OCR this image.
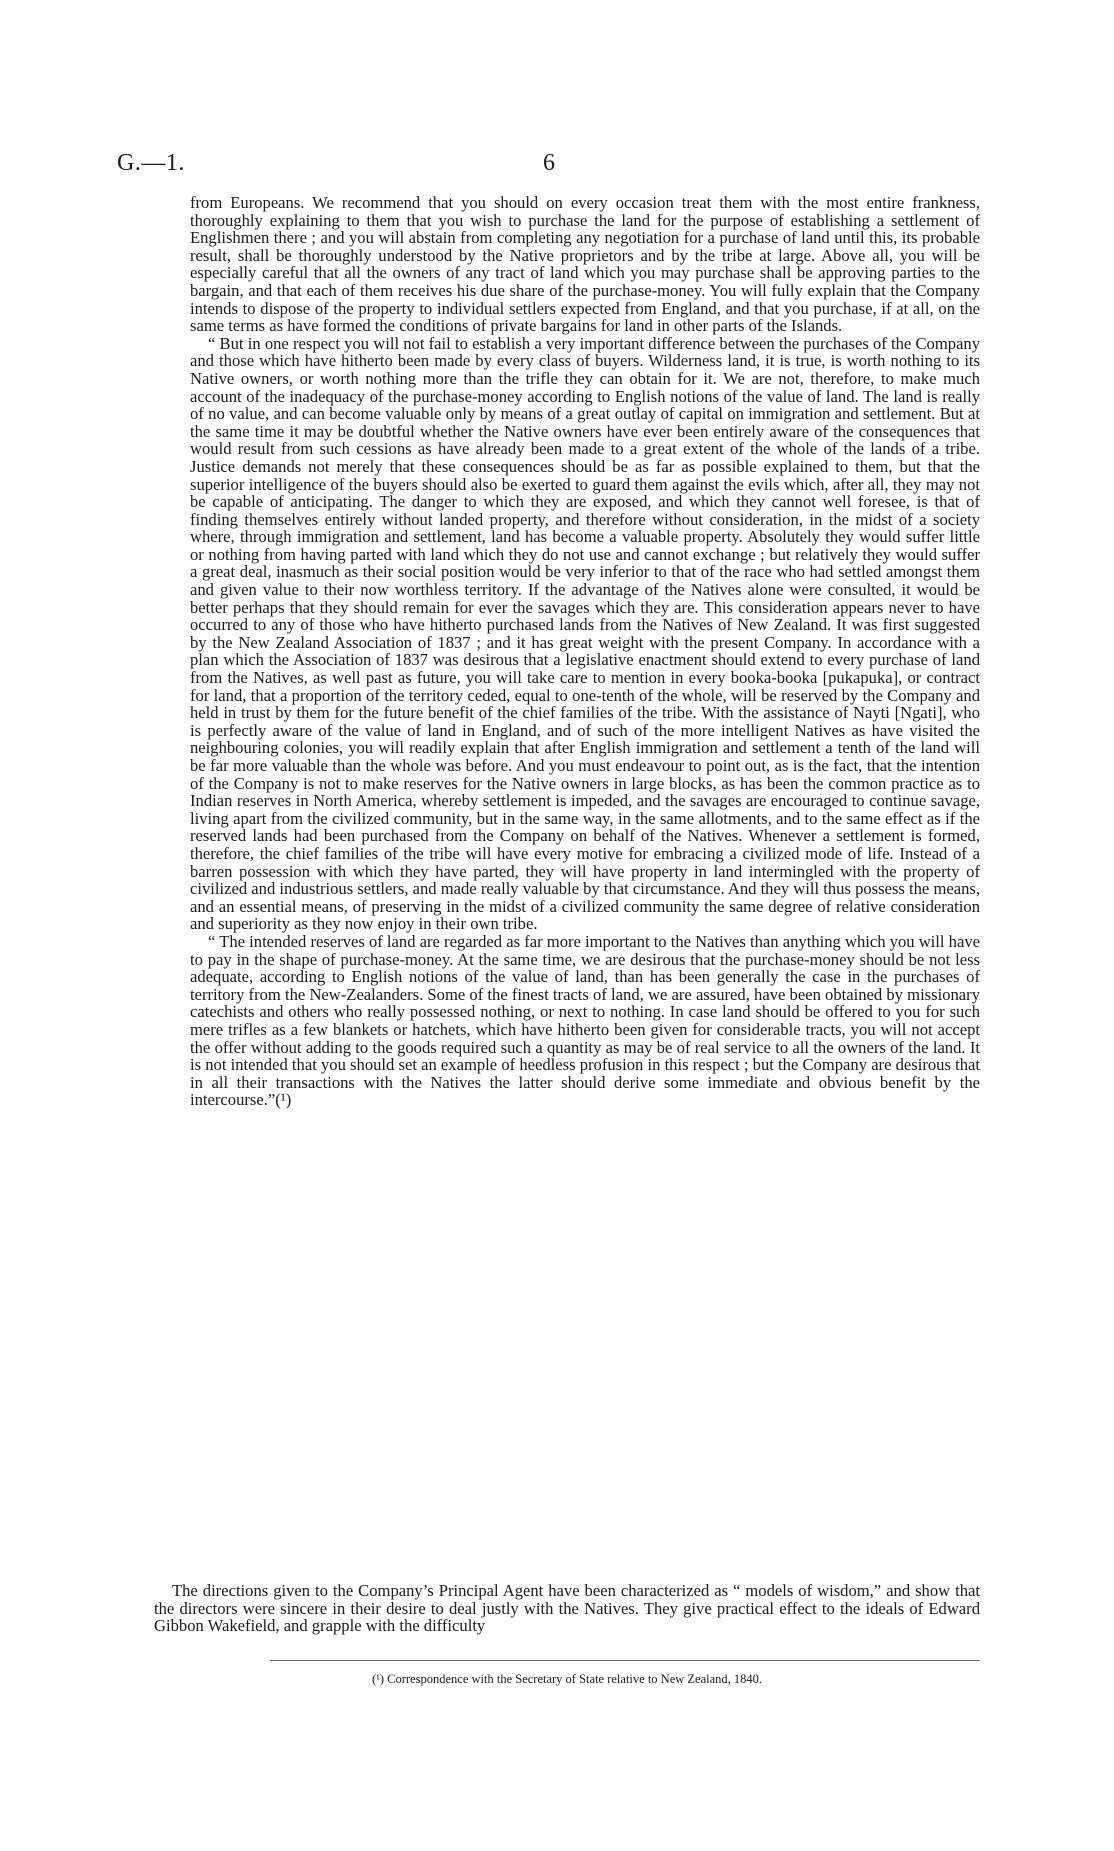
G.—1.	6

from Europeans. We recommend that you should on every occasion treat them with the most entire frankness, thoroughly explaining to them that you wish to purchase the land for the purpose of establishing a settlement of Englishmen there ; and you will abstain from completing any negotiation for a purchase of land until this, its probable result, shall be thoroughly understood by the Native proprietors and by the tribe at large. Above all, you will be especially careful that all the owners of any tract of land which you may purchase shall be approving parties to the bargain, and that each of them receives his due share of the purchase-money. You will fully explain that the Company intends to dispose of the property to individual settlers expected from England, and that you purchase, if at all, on the same terms as have formed the conditions of private bargains for land in other parts of the Islands.

“ But in one respect you will not fail to establish a very important difference between the purchases of the Company and those which have hitherto been made by every class of buyers. Wilderness land, it is true, is worth nothing to its Native owners, or worth nothing more than the trifle they can obtain for it. We are not, therefore, to make much account of the inadequacy of the purchase-money according to English notions of the value of land. The land is really of no value, and can become valuable only by means of a great outlay of capital on immigration and settlement. But at the same time it may be doubtful whether the Native owners have ever been entirely aware of the consequences that would result from such cessions as have already been made to a great extent of the whole of the lands of a tribe. Justice demands not merely that these consequences should be as far as possible explained to them, but that the superior intelligence of the buyers should also be exerted to guard them against the evils which, after all, they may not be capable of anticipating. The danger to which they are exposed, and which they cannot well foresee, is that of finding themselves entirely without landed property, and therefore without consideration, in the midst of a society where, through immigration and settlement, land has become a valuable property. Absolutely they would suffer little or nothing from having parted with land which they do not use and cannot exchange ; but relatively they would suffer a great deal, inasmuch as their social position would be very inferior to that of the race who had settled amongst them and given value to their now worthless territory. If the advantage of the Natives alone were consulted, it would be better perhaps that they should remain for ever the savages which they are. This consideration appears never to have occurred to any of those who have hitherto purchased lands from the Natives of New Zealand. It was first suggested by the New Zealand Association of 1837 ; and it has great weight with the present Company. In accordance with a plan which the Association of 1837 was desirous that a legislative enactment should extend to every purchase of land from the Natives, as well past as future, you will take care to mention in every booka-booka [pukapuka], or contract for land, that a proportion of the territory ceded, equal to one-tenth of the whole, will be reserved by the Company and held in trust by them for the future benefit of the chief families of the tribe. With the assistance of Nayti [Ngati], who is perfectly aware of the value of land in England, and of such of the more intelligent Natives as have visited the neighbouring colonies, you will readily explain that after English immigration and settlement a tenth of the land will be far more valuable than the whole was before. And you must endeavour to point out, as is the fact, that the intention of the Company is not to make reserves for the Native owners in large blocks, as has been the common practice as to Indian reserves in North America, whereby settlement is impeded, and the savages are encouraged to continue savage, living apart from the civilized community, but in the same way, in the same allotments, and to the same effect as if the reserved lands had been purchased from the Company on behalf of the Natives. Whenever a settlement is formed, therefore, the chief families of the tribe will have every motive for embracing a civilized mode of life. Instead of a barren possession with which they have parted, they will have property in land intermingled with the property of civilized and industrious settlers, and made really valuable by that circumstance. And they will thus possess the means, and an essential means, of preserving in the midst of a civilized community the same degree of relative consideration and superiority as they now enjoy in their own tribe.

“ The intended reserves of land are regarded as far more important to the Natives than anything which you will have to pay in the shape of purchase-money. At the same time, we are desirous that the purchase-money should be not less adequate, according to English notions of the value of land, than has been generally the case in the purchases of territory from the New-Zealanders. Some of the finest tracts of land, we are assured, have been obtained by missionary catechists and others who really possessed nothing, or next to nothing. In case land should be offered to you for such mere trifles as a few blankets or hatchets, which have hitherto been given for considerable tracts, you will not accept the offer without adding to the goods required such a quantity as may be of real service to all the owners of the land. It is not intended that you should set an example of heedless profusion in this respect ; but the Company are desirous that in all their transactions with the Natives the latter should derive some immediate and obvious benefit by the intercourse.”(¹)

The directions given to the Company’s Principal Agent have been characterized as “ models of wisdom,” and show that the directors were sincere in their desire to deal justly with the Natives. They give practical effect to the ideals of Edward Gibbon Wakefield, and grapple with the difficulty

(¹) Correspondence with the Secretary of State relative to New Zealand, 1840.
